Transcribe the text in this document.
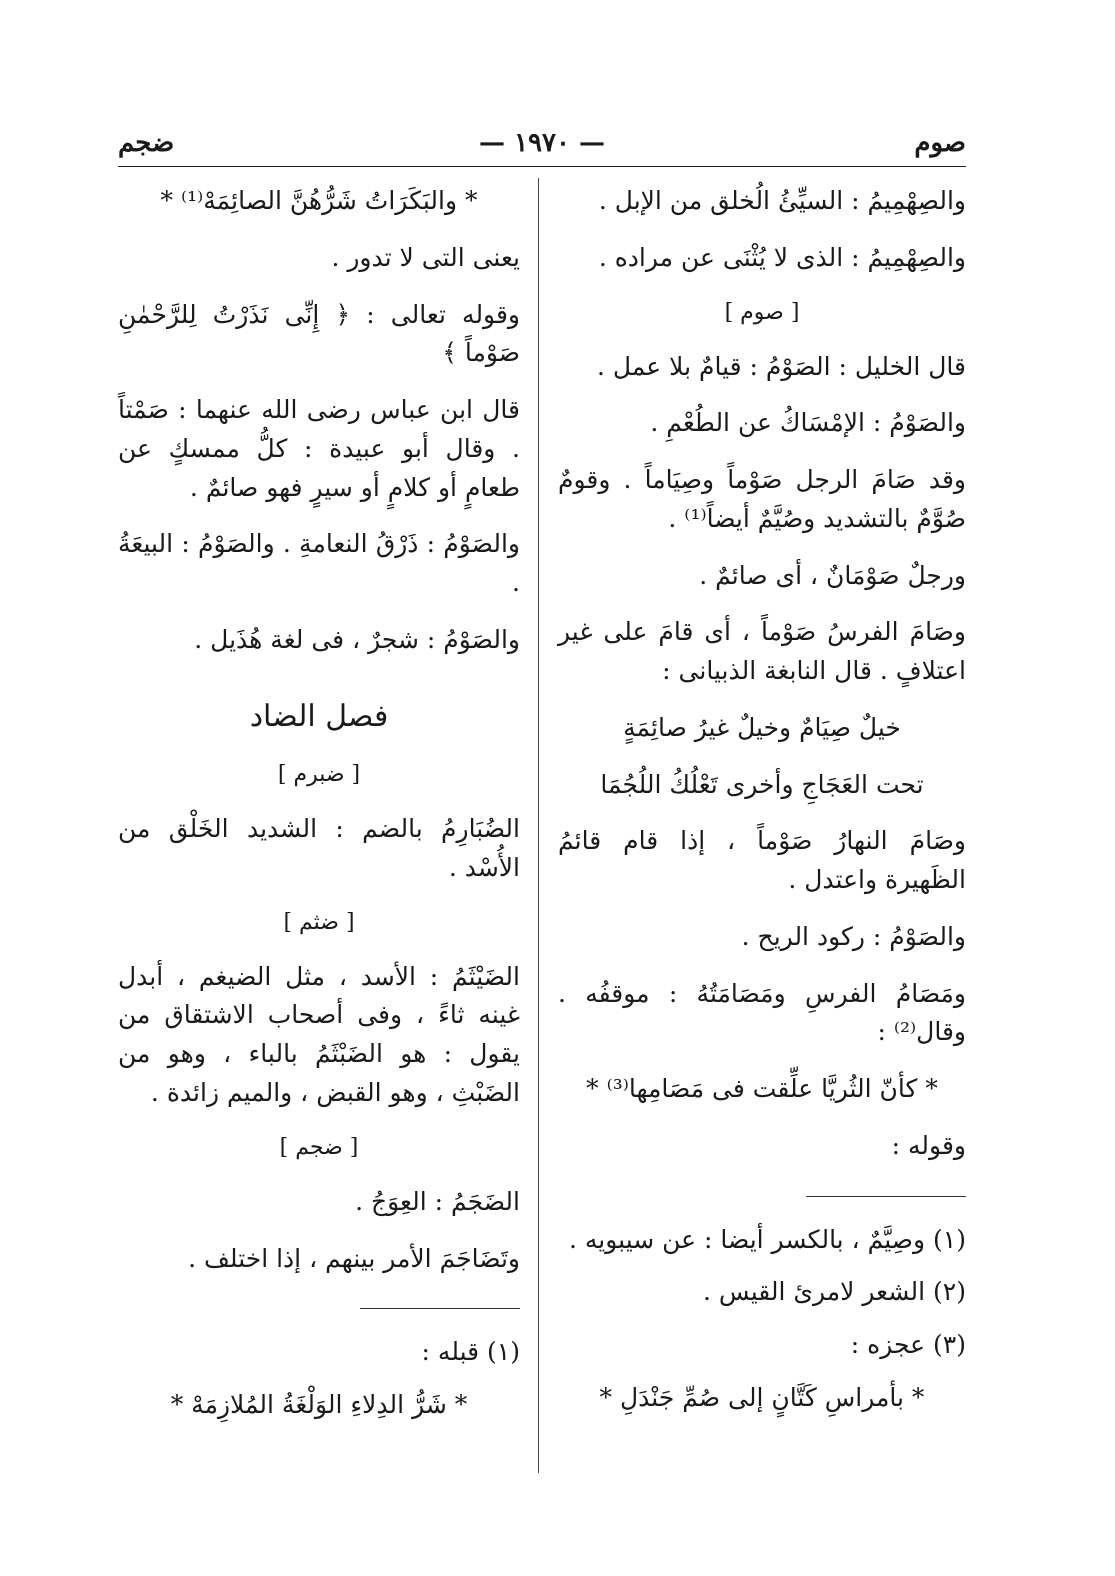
صوم
— ١٩٧٠ —
ضجم

والصِهْمِيمُ : السيِّئُ الُخلق من الإبل .

والصِهْمِيمُ : الذى لا يُثْنَى عن مراده .

[ صوم ]

قال الخليل : الصَوْمُ : قيامٌ بلا عمل .

والصَوْمُ : الإمْسَاكُ عن الطُعْمِ .

وقد صَامَ الرجل صَوْماً وصِيَاماً . وقومٌ صُوَّمٌ بالتشديد وصُيَّمٌ أيضاً⁽¹⁾ .

ورجلٌ صَوْمَانٌ ، أى صائمٌ .

وصَامَ الفرسُ صَوْماً ، أى قامَ على غير اعتلافٍ . قال النابغة الذبيانى :

خيلٌ صِيَامٌ وخيلٌ غيرُ صائِمَةٍ

تحت العَجَاجِ وأخرى تَعْلُكُ اللُجُمَا

وصَامَ النهارُ صَوْماً ، إذا قام قائمُ الظَهيرة واعتدل .

والصَوْمُ : ركود الريح .

ومَصَامُ الفرسِ ومَصَامَتُهُ : موقفُه . وقال⁽²⁾ :

* كأنّ الثُريَّا علِّقت فى مَصَامِها⁽³⁾ *

وقوله :

(١) وصِيَّمٌ ، بالكسر أيضا : عن سيبويه .

(٢) الشعر لامرئ القيس .

(٣) عجزه :

* بأمراسِ كَتَّانٍ إلى صُمِّ جَنْدَلِ *

* والبَكَرَاتُ شَرُّهُنَّ الصائِمَهْ⁽¹⁾ *

يعنى التى لا تدور .

وقوله تعالى : ﴿ إِنِّى نَذَرْتُ لِلرَّحْمٰنِ صَوْماً ﴾

قال ابن عباس رضى الله عنهما : صَمْتاً . وقال أبو عبيدة : كلُّ ممسكٍ عن طعامٍ أو كلامٍ أو سيرٍ فهو صائمٌ .

والصَوْمُ : ذَرْقُ النعامةِ . والصَوْمُ : البيعَةُ .

والصَوْمُ : شجرٌ ، فى لغة هُذَيل .

فصل الضاد

[ ضبرم ]

الضُبَارِمُ بالضم : الشديد الخَلْق من الأُسْد .

[ ضثم ]

الضَيْثَمُ : الأسد ، مثل الضيغم ، أبدل غينه ثاءً ، وفى أصحاب الاشتقاق من يقول : هو الضَبْثَمُ بالباء ، وهو من الضَبْثِ ، وهو القبض ، والميم زائدة .

[ ضجم ]

الضَجَمُ : العِوَجُ .

وتَضَاجَمَ الأمر بينهم ، إذا اختلف .

(١) قبله :

* شَرُّ الدِلاءِ الوَلْغَةُ المُلازِمَهْ *
